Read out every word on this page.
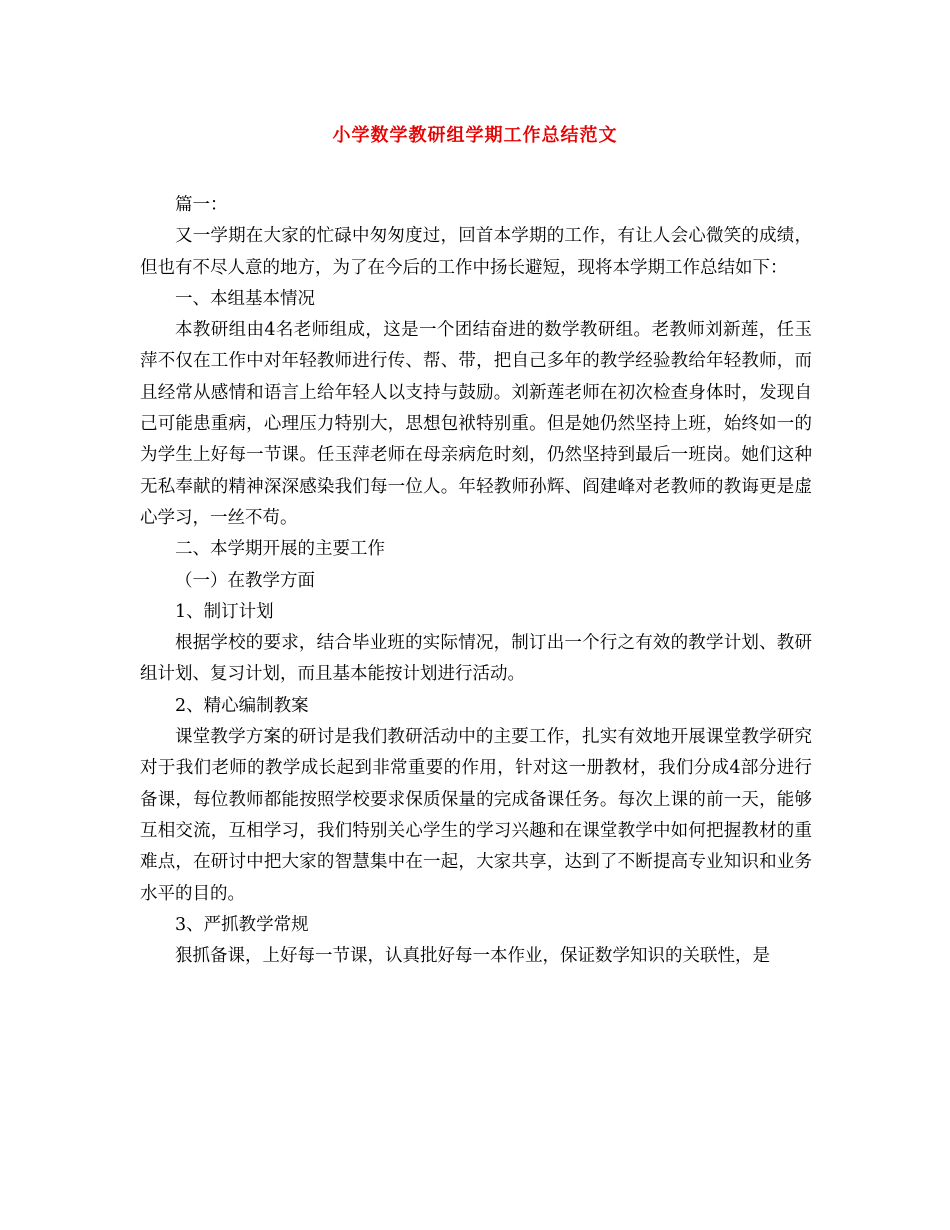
小学数学教研组学期工作总结范文

篇一：

又一学期在大家的忙碌中匆匆度过，回首本学期的工作，有让人会心微笑的成绩，但也有不尽人意的地方，为了在今后的工作中扬长避短，现将本学期工作总结如下：

一、本组基本情况

本教研组由4名老师组成，这是一个团结奋进的数学教研组。老教师刘新莲，任玉萍不仅在工作中对年轻教师进行传、帮、带，把自己多年的教学经验教给年轻教师，而且经常从感情和语言上给年轻人以支持与鼓励。刘新莲老师在初次检查身体时，发现自己可能患重病，心理压力特别大，思想包袱特别重。但是她仍然坚持上班，始终如一的为学生上好每一节课。任玉萍老师在母亲病危时刻，仍然坚持到最后一班岗。她们这种无私奉献的精神深深感染我们每一位人。年轻教师孙辉、阎建峰对老教师的教诲更是虚心学习，一丝不苟。

二、本学期开展的主要工作

（一）在教学方面

1、制订计划

根据学校的要求，结合毕业班的实际情况，制订出一个行之有效的教学计划、教研组计划、复习计划，而且基本能按计划进行活动。

2、精心编制教案

课堂教学方案的研讨是我们教研活动中的主要工作，扎实有效地开展课堂教学研究对于我们老师的教学成长起到非常重要的作用，针对这一册教材，我们分成4部分进行备课，每位教师都能按照学校要求保质保量的完成备课任务。每次上课的前一天，能够互相交流，互相学习，我们特别关心学生的学习兴趣和在课堂教学中如何把握教材的重难点，在研讨中把大家的智慧集中在一起，大家共享，达到了不断提高专业知识和业务水平的目的。

3、严抓教学常规

狠抓备课，上好每一节课，认真批好每一本作业，保证数学知识的关联性，是
